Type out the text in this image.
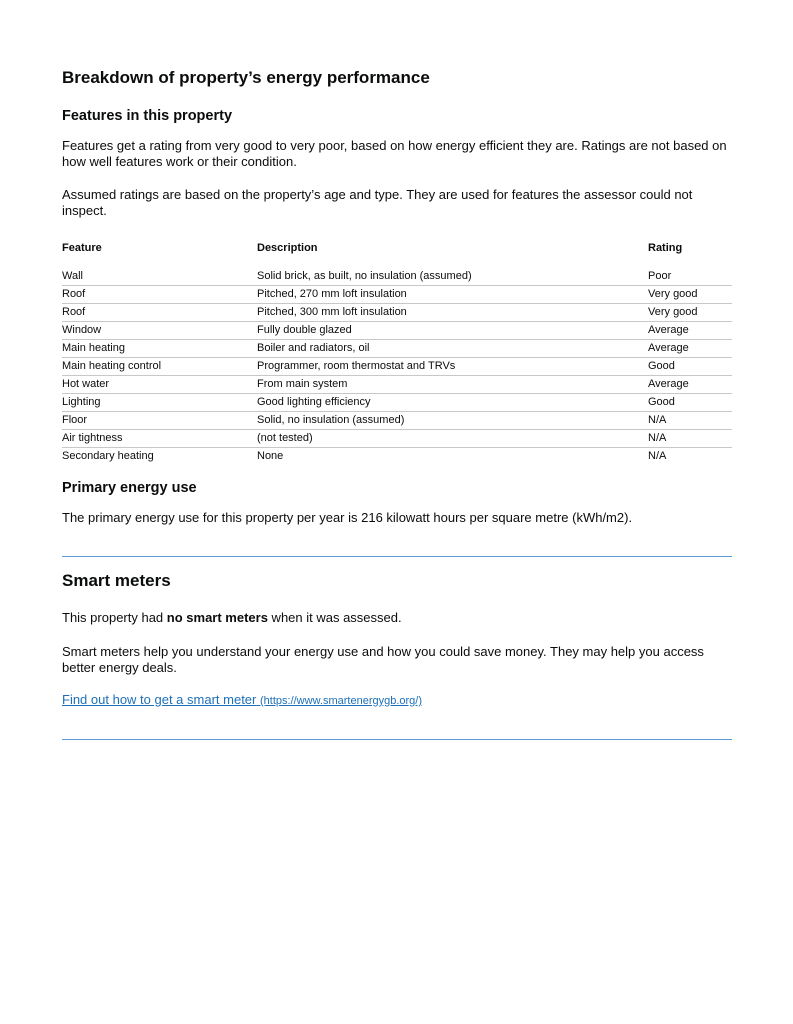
Breakdown of property’s energy performance
Features in this property

Features get a rating from very good to very poor, based on how energy efficient they are. Ratings are not based on how well features work or their condition.

Assumed ratings are based on the property’s age and type. They are used for features the assessor could not inspect.

Feature	Description	Rating
Wall	Solid brick, as built, no insulation (assumed)	Poor
Roof	Pitched, 270 mm loft insulation	Very good
Roof	Pitched, 300 mm loft insulation	Very good
Window	Fully double glazed	Average
Main heating	Boiler and radiators, oil	Average
Main heating control	Programmer, room thermostat and TRVs	Good
Hot water	From main system	Average
Lighting	Good lighting efficiency	Good
Floor	Solid, no insulation (assumed)	N/A
Air tightness	(not tested)	N/A
Secondary heating	None	N/A
Primary energy use

The primary energy use for this property per year is 216 kilowatt hours per square metre (kWh/m2).

Smart meters

This property had no smart meters when it was assessed.

Smart meters help you understand your energy use and how you could save money. They may help you access better energy deals.

Find out how to get a smart meter (https://www.smartenergygb.org/)
